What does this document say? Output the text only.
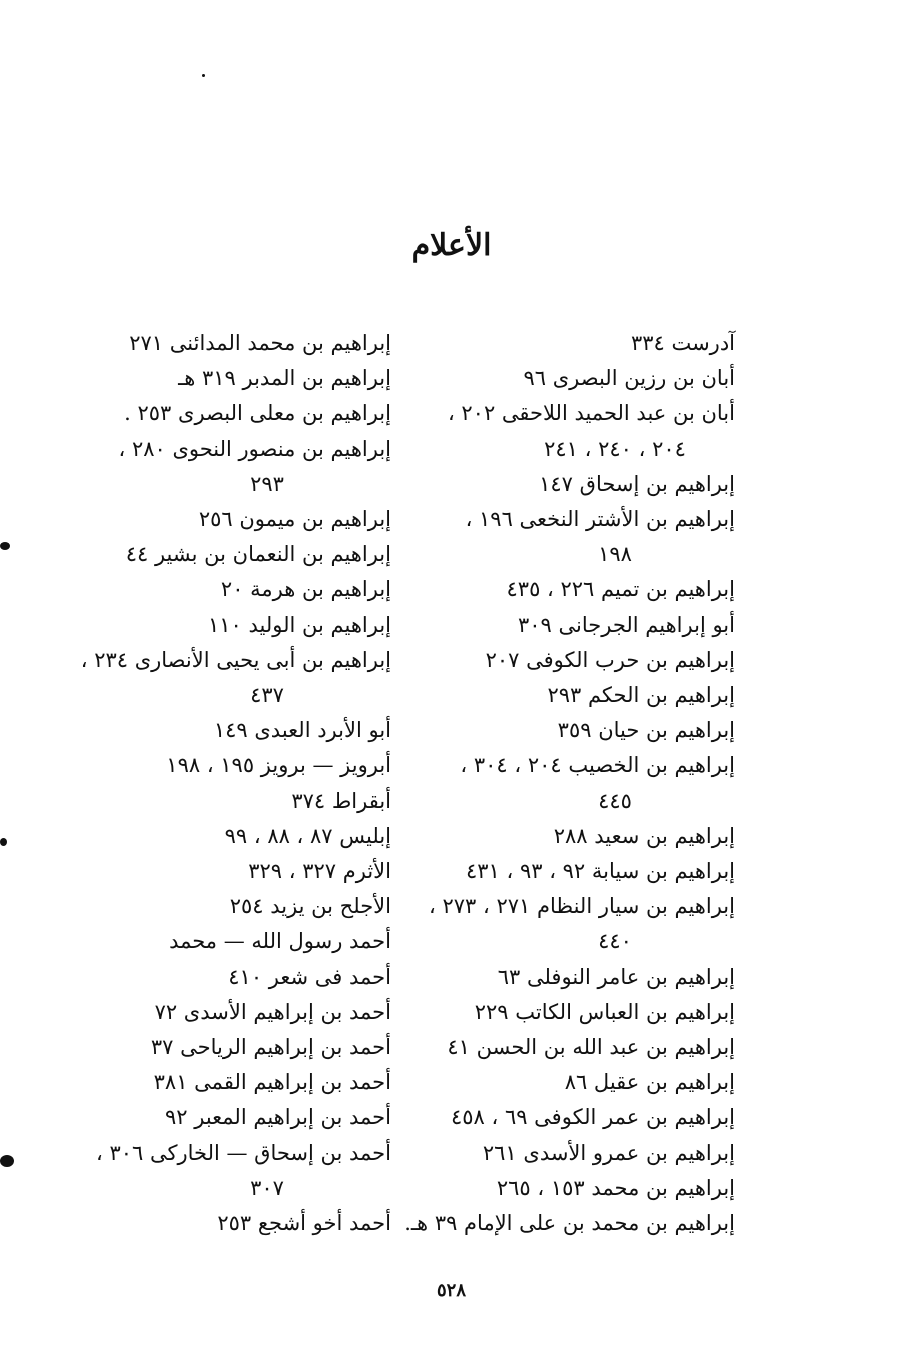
الأعلام
آدرست ٣٣٤
أبان بن رزين البصرى ٩٦
أبان بن عبد الحميد اللاحقى ٢٠٢ ،
٢٠٤ ، ٢٤٠ ، ٢٤١
إبراهيم بن إسحاق ١٤٧
إبراهيم بن الأشتر النخعى ١٩٦ ،
١٩٨
إبراهيم بن تميم ٢٢٦ ، ٤٣٥
أبو إبراهيم الجرجانى ٣٠٩
إبراهيم بن حرب الكوفى ٢٠٧
إبراهيم بن الحكم ٢٩٣
إبراهيم بن حيان ٣٥٩
إبراهيم بن الخصيب ٢٠٤ ، ٣٠٤ ،
٤٤٥
إبراهيم بن سعيد ٢٨٨
إبراهيم بن سيابة ٩٢ ، ٩٣ ، ٤٣١
إبراهيم بن سيار النظام ٢٧١ ، ٢٧٣ ،
٤٤٠
إبراهيم بن عامر النوفلى ٦٣
إبراهيم بن العباس الكاتب ٢٢٩
إبراهيم بن عبد الله بن الحسن ٤١
إبراهيم بن عقيل ٨٦
إبراهيم بن عمر الكوفى ٦٩ ، ٤٥٨
إبراهيم بن عمرو الأسدى ٢٦١
إبراهيم بن محمد ١٥٣ ، ٢٦٥
إبراهيم بن محمد بن على الإمام ٣٩ هـ.
إبراهيم بن محمد المدائنى ٢٧١
إبراهيم بن المدبر ٣١٩ هـ
إبراهيم بن معلى البصرى ٢٥٣ .
إبراهيم بن منصور النحوى ٢٨٠ ،
٢٩٣
إبراهيم بن ميمون ٢٥٦
إبراهيم بن النعمان بن بشير ٤٤
إبراهيم بن هرمة ٢٠
إبراهيم بن الوليد ١١٠
إبراهيم بن أبى يحيى الأنصارى ٢٣٤ ،
٤٣٧
أبو الأبرد العبدى ١٤٩
أبرويز — برويز ١٩٥ ، ١٩٨
أبقراط ٣٧٤
إبليس ٨٧ ، ٨٨ ، ٩٩
الأثرم ٣٢٧ ، ٣٢٩
الأجلح بن يزيد ٢٥٤
أحمد رسول الله — محمد
أحمد فى شعر ٤١٠
أحمد بن إبراهيم الأسدى ٧٢
أحمد بن إبراهيم الرياحى ٣٧
أحمد بن إبراهيم القمى ٣٨١
أحمد بن إبراهيم المعبر ٩٢
أحمد بن إسحاق — الخاركى ٣٠٦ ،
٣٠٧
أحمد أخو أشجع ٢٥٣
٥٢٨
